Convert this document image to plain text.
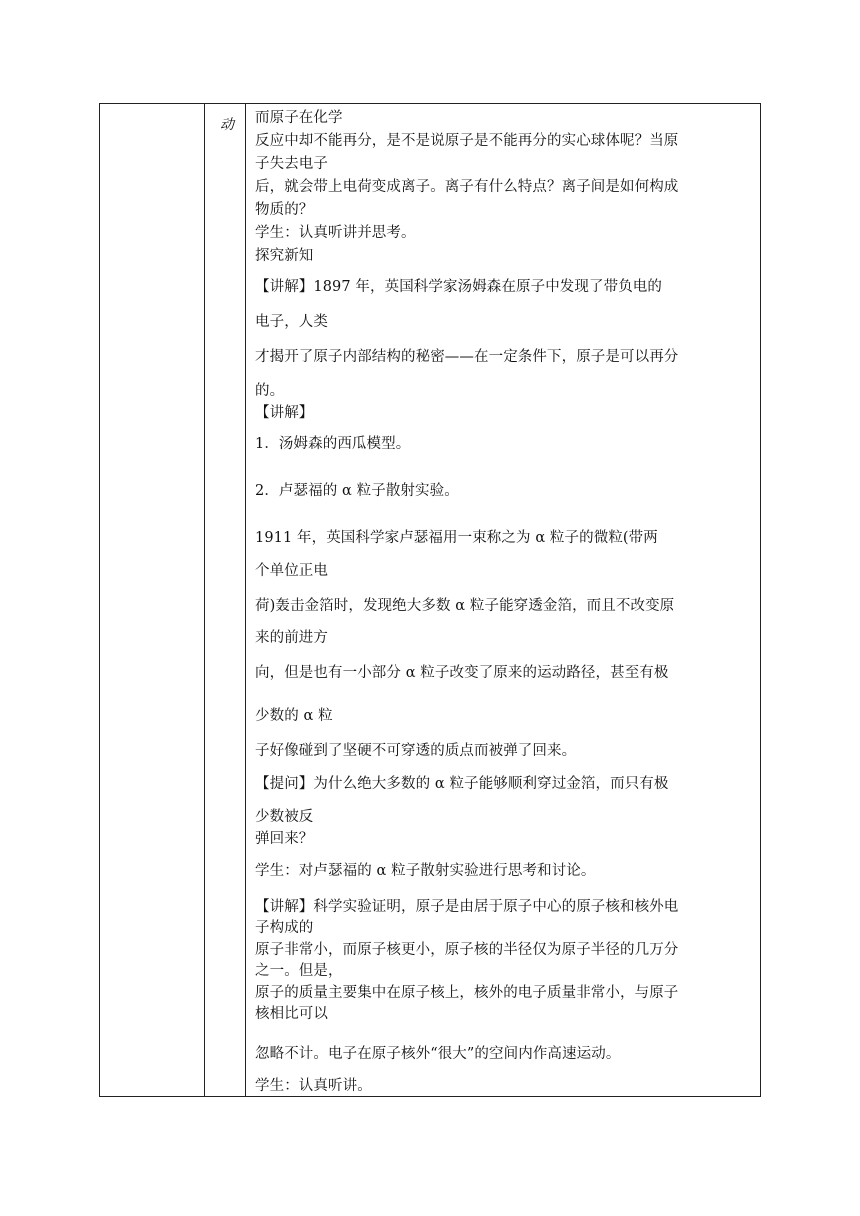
动 而原子在化学
反应中却不能再分，是不是说原子是不能再分的实心球体呢？当原
子失去电子
后，就会带上电荷变成离子。离子有什么特点？离子间是如何构成
物质的？
学生：认真听讲并思考。
探究新知
【讲解】1897 年，英国科学家汤姆森在原子中发现了带负电的
电子，人类
才揭开了原子内部结构的秘密——在一定条件下，原子是可以再分
的。
【讲解】
1．汤姆森的西瓜模型。
2．卢瑟福的 α 粒子散射实验。
1911 年，英国科学家卢瑟福用一束称之为 α 粒子的微粒(带两
个单位正电
荷)轰击金箔时，发现绝大多数 α 粒子能穿透金箔，而且不改变原
来的前进方
向，但是也有一小部分 α 粒子改变了原来的运动路径，甚至有极
少数的 α 粒
子好像碰到了坚硬不可穿透的质点而被弹了回来。
【提问】为什么绝大多数的 α 粒子能够顺利穿过金箔，而只有极
少数被反
弹回来？
学生：对卢瑟福的 α 粒子散射实验进行思考和讨论。
【讲解】科学实验证明，原子是由居于原子中心的原子核和核外电
子构成的
原子非常小，而原子核更小，原子核的半径仅为原子半径的几万分
之一。但是，
原子的质量主要集中在原子核上，核外的电子质量非常小，与原子
核相比可以
忽略不计。电子在原子核外“很大”的空间内作高速运动。
学生：认真听讲。
